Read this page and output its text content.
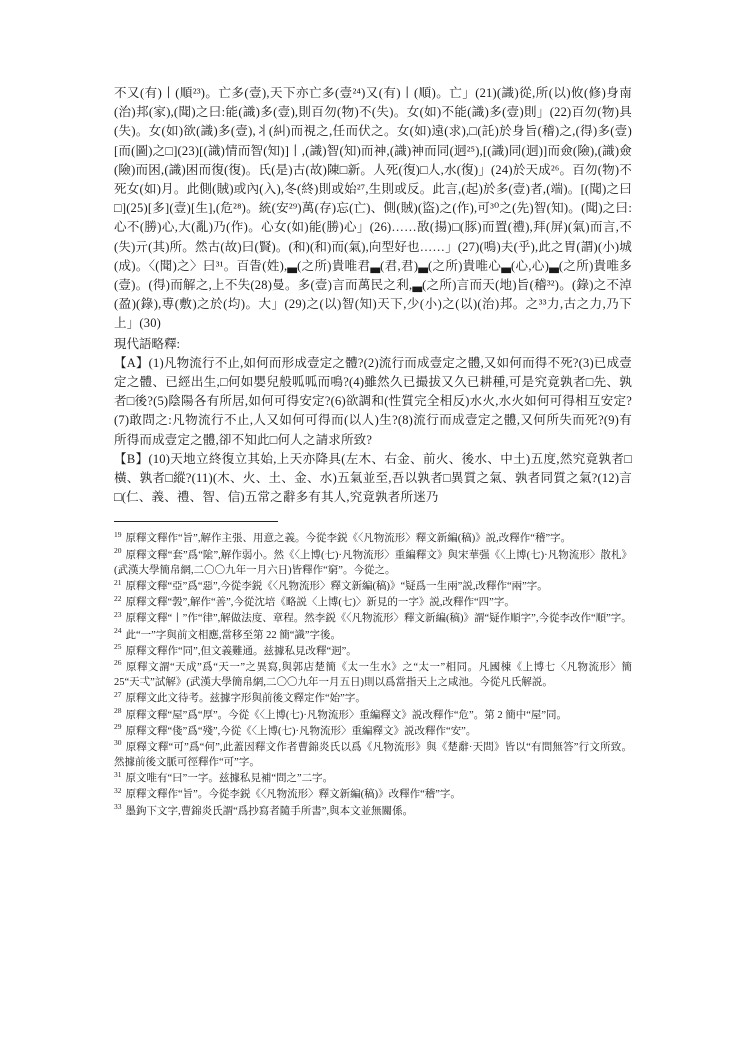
不又(有)丨(順²³)。亡多(壹),天下亦亡多(壹²⁴)又(有)丨(順)。亡」(21)(識)從,所(以)攸(修)身南(治)邦(家),(聞)之曰:能(識)多(壹),則百勿(物)不(失)。女(如)不能(識)多(壹)則」(22)百勿(物)具(失)。女(如)欲(識)多(壹),丬(糾)而視之,任而伏之。女(如)遠(求),□(託)於身旨(稽)之,(得)多(壹)[而(圖)之□](23)[(識)情而智(知)]丨,(識)智(知)而神,(識)神而同(迵²⁵),[(識)同(迵)]而僉(險),(識)僉(險)而困,(識)困而復(復)。氏(是)古(故)陳□新。人死(復)□人,水(復)」(24)於天成²⁶。百勿(物)不死女(如)月。此側(賊)或內(入),冬(終)則或始²⁷,生則或反。此言,(起)於多(壹)者,(端)。[(聞)之曰□](25)[多](壹)[生],(危²⁸)。統(安²⁹)萬(存)忘(亡)、側(賊)(盜)之(作),可³⁰之(先)智(知)。(聞)之曰:心不(勝)心,大(亂)乃(作)。心女(如)能(勝)心」(26)……敔(揚)□(豚)而置(禮),拜(屏)(氣)而言,不(失)亓(其)所。然古(故)曰(賢)。(和)(和)而(氣),向型好也……」(27)(鳴)夫(乎),此之胃(謂)(小)城(成)。〈(聞)之〉曰³¹。百眚(姓),▃(之所)貴唯君▃(君,君)▃(之所)貴唯心▃(心,心)▃(之所)貴唯多(壹)。(得)而解之,上不失(28)曼。多(壹)言而萬民之利,▃(之所)言而天(地)旨(稽³²)。(錄)之不淖(盈)(錄),尃(敷)之於(均)。大」(29)之(以)智(知)天下,少(小)之(以)(治)邦。之³³力,古之力,乃下上」(30)
現代語略釋:
【A】(1)凡物流行不止,如何而形成壹定之體?(2)流行而成壹定之體,又如何而得不死?(3)已成壹定之體、已經出生,□何如嬰兒般呱呱而鳴?(4)雖然久已撮拔又久已耕種,可是究竟孰者□先、孰者□後?(5)陰陽各有所居,如何可得安定?(6)欲調和(性質完全相反)水火,水火如何可得相互安定?(7)敢問之:凡物流行不止,人又如何可得而(以人)生?(8)流行而成壹定之體,又何所失而死?(9)有所得而成壹定之體,卻不知此□何人之請求所致?
【B】(10)天地立終復立其始,上天亦降具(左木、右金、前火、後水、中土)五度,然究竟孰者□橫、孰者□縱?(11)(木、火、土、金、水)五氣並至,吾以孰者□異質之氣、孰者同質之氣?(12)言□(仁、義、禮、智、信)五常之辭多有其人,究竟孰者所迷乃
$^{19}$ 原釋文釋作“旨”,解作主張、用意之義。今從李鋭《〈凡物流形〉釋文新編(稿)》説,改釋作“稽”字。
$^{20}$ 原釋文釋“套”爲“隂”,解作弱小。然《〈上博(七)·凡物流形〉重編釋文》與宋華强《〈上博(七)·凡物流形〉散札》(武漢大學簡帛網,二〇〇九年一月六日)皆釋作“窮”。今從之。
$^{21}$ 原釋文釋“亞”爲“惡”,今從李鋭《〈凡物流形〉釋文新編(稿)》“疑爲一生兩”説,改釋作“兩”字。
$^{22}$ 原釋文釋“㝅”,解作“善”,今從沈培《略説〈上博(七)〉新見的一字》説,改釋作“四”字。
$^{23}$ 原釋文釋“丨”作“律”,解做法度、章程。然李鋭《〈凡物流形〉釋文新編(稿)》謂“疑作順字”,今從李改作“順”字。
$^{24}$ 此“一”字與前文相應,當移至第 22 簡“識”字後。
$^{25}$ 原釋文釋作“同”,但文義難通。兹據私見改釋“迵”。
$^{26}$ 原釋文謂“天成”爲“天一”之異寫,與郭店楚簡《太一生水》之“太一”相同。凡國棟《上博七〈凡物流形〉簡25“天弌”試解》(武漢大學簡帛網,二〇〇九年一月五日)則以爲當指天上之咸池。今從凡氏解説。
$^{27}$ 原釋文此文待考。兹據字形與前後文釋定作“始”字。
$^{28}$ 原釋文釋“屋”爲“厚”。今從《〈上博(七)·凡物流形〉重編釋文》説改釋作“危”。第 2 簡中“屋”同。
$^{29}$ 原釋文釋“俴”爲“殘”,今從《〈上博(七)·凡物流形〉重編釋文》説改釋作“安”。
$^{30}$ 原釋文釋“可”爲“何”,此蓋因釋文作者曹錦炎氏以爲《凡物流形》與《楚辭·天問》皆以“有問無答”行文所致。然據前後文脈可徑釋作“可”字。
$^{31}$ 原文唯有“曰”一字。兹據私見補“問之”二字。
$^{32}$ 原釋文釋作“旨”。今從李鋭《〈凡物流形〉釋文新編(稿)》改釋作“稽”字。
$^{33}$ 墨鉤下文字,曹錦炎氏謂“爲抄寫者隨手所書”,與本文並無關係。
